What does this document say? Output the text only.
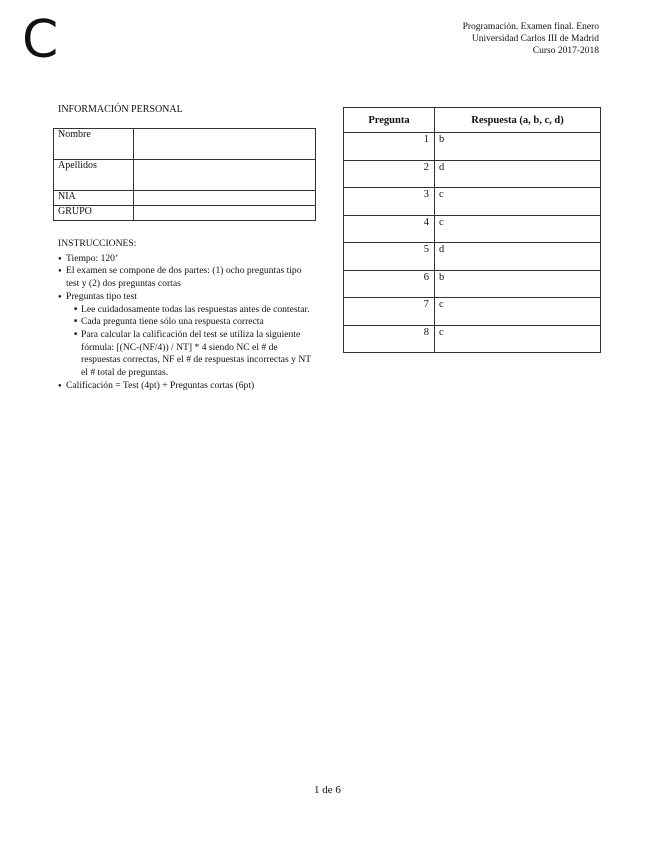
C	Programación. Examen final. Enero
Universidad Carlos III de Madrid
Curso 2017-2018
INFORMACIÓN PERSONAL
Nombre	
Apellidos	
NIA	
GRUPO	
INSTRUCCIONES:
● Tiempo: 120’
● El examen se compone de dos partes: (1) ocho preguntas tipo test y (2) dos preguntas cortas
● Preguntas tipo test
■ Lee cuidadosamente todas las respuestas antes de contestar.
■ Cada pregunta tiene sólo una respuesta correcta
■ Para calcular la calificación del test se utiliza la siguiente fórmula: [(NC-(NF/4)) / NT] * 4 siendo NC el # de respuestas correctas, NF el # de respuestas incorrectas y NT el # total de preguntas.
● Calificación = Test (4pt) + Preguntas cortas (6pt)
Pregunta	Respuesta (a, b, c, d)
1	b
2	d
3	c
4	c
5	d
6	b
7	c
8	c
1 de 6
